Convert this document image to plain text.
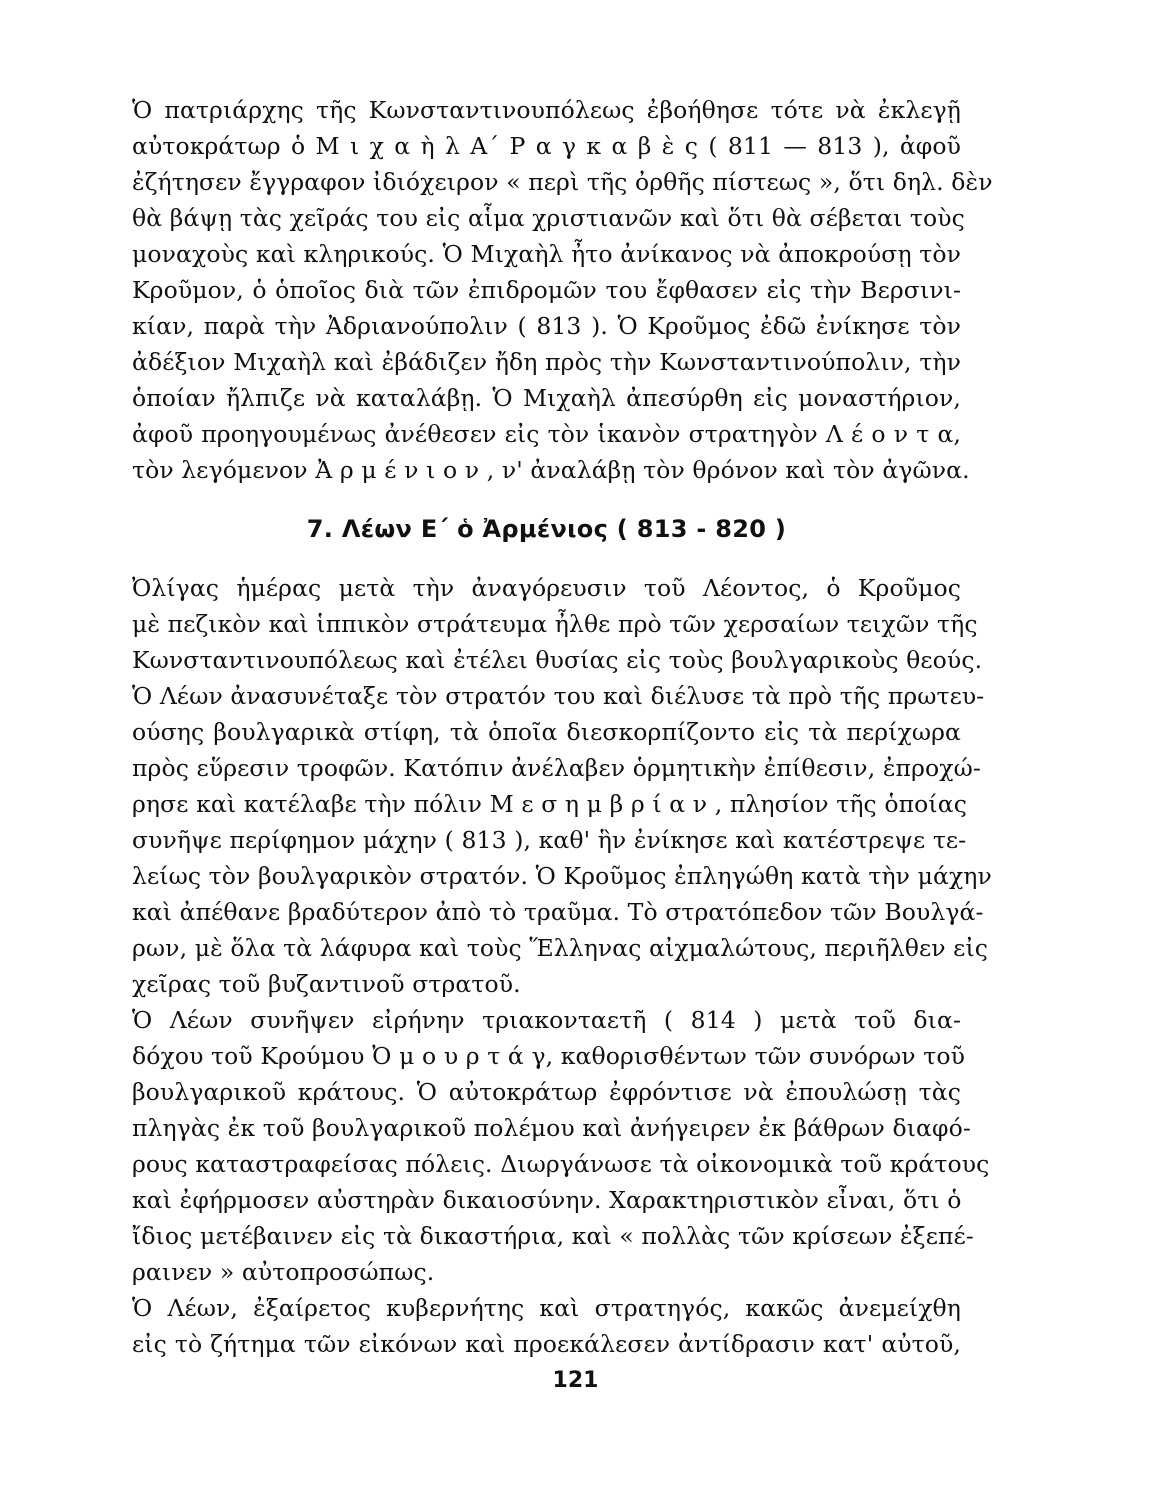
Ὁ πατριάρχης τῆς Κωνσταντινουπόλεως ἐβοήθησε τότε νὰ ἐκλεγῇ
αὐτοκράτωρ ὁ Μ ι χ α ὴ λ Α΄ Ρ α γ κ α β ὲ ς ( 811 — 813 ), ἀφοῦ
ἐζήτησεν ἔγγραφον ἰδιόχειρον « περὶ τῆς ὀρθῆς πίστεως », ὅτι δηλ. δὲν
θὰ βάψῃ τὰς χεῖράς του εἰς αἷμα χριστιανῶν καὶ ὅτι θὰ σέβεται τοὺς
μοναχοὺς καὶ κληρικούς. Ὁ Μιχαὴλ ἦτο ἀνίκανος νὰ ἀποκρούσῃ τὸν
Κροῦμον, ὁ ὁποῖος διὰ τῶν ἐπιδρομῶν του ἔφθασεν εἰς τὴν Βερσινι-
κίαν, παρὰ τὴν Ἀδριανούπολιν ( 813 ). Ὁ Κροῦμος ἐδῶ ἐνίκησε τὸν
ἀδέξιον Μιχαὴλ καὶ ἐβάδιζεν ἤδη πρὸς τὴν Κωνσταντινούπολιν, τὴν
ὁποίαν ἤλπιζε νὰ καταλάβῃ. Ὁ Μιχαὴλ ἀπεσύρθη εἰς μοναστήριον,
ἀφοῦ προηγουμένως ἀνέθεσεν εἰς τὸν ἱκανὸν στρατηγὸν Λ έ ο ν τ α,
τὸν λεγόμενον Ἀ ρ μ έ ν ι ο ν , ν' ἀναλάβῃ τὸν θρόνον καὶ τὸν ἀγῶνα.
7. Λέων Ε΄ ὁ Ἀρμένιος ( 813 - 820 )
Ὀλίγας ἡμέρας μετὰ τὴν ἀναγόρευσιν τοῦ Λέοντος, ὁ Κροῦμος
μὲ πεζικὸν καὶ ἱππικὸν στράτευμα ἦλθε πρὸ τῶν χερσαίων τειχῶν τῆς
Κωνσταντινουπόλεως καὶ ἐτέλει θυσίας εἰς τοὺς βουλγαρικοὺς θεούς.
Ὁ Λέων ἀνασυνέταξε τὸν στρατόν του καὶ διέλυσε τὰ πρὸ τῆς πρωτευ-
ούσης βουλγαρικὰ στίφη, τὰ ὁποῖα διεσκορπίζοντο εἰς τὰ περίχωρα
πρὸς εὕρεσιν τροφῶν. Κατόπιν ἀνέλαβεν ὁρμητικὴν ἐπίθεσιν, ἐπροχώ-
ρησε καὶ κατέλαβε τὴν πόλιν Μ ε σ η μ β ρ ί α ν , πλησίον τῆς ὁποίας
συνῆψε περίφημον μάχην ( 813 ), καθ' ἣν ἐνίκησε καὶ κατέστρεψε τε-
λείως τὸν βουλγαρικὸν στρατόν. Ὁ Κροῦμος ἐπληγώθη κατὰ τὴν μάχην
καὶ ἀπέθανε βραδύτερον ἀπὸ τὸ τραῦμα. Τὸ στρατόπεδον τῶν Βουλγά-
ρων, μὲ ὅλα τὰ λάφυρα καὶ τοὺς Ἕλληνας αἰχμαλώτους, περιῆλθεν εἰς
χεῖρας τοῦ βυζαντινοῦ στρατοῦ.
Ὁ Λέων συνῆψεν εἰρήνην τριακονταετῆ ( 814 ) μετὰ τοῦ δια-
δόχου τοῦ Κρούμου Ὀ μ ο υ ρ τ ά γ, καθορισθέντων τῶν συνόρων τοῦ
βουλγαρικοῦ κράτους. Ὁ αὐτοκράτωρ ἐφρόντισε νὰ ἐπουλώσῃ τὰς
πληγὰς ἐκ τοῦ βουλγαρικοῦ πολέμου καὶ ἀνήγειρεν ἐκ βάθρων διαφό-
ρους καταστραφείσας πόλεις. Διωργάνωσε τὰ οἰκονομικὰ τοῦ κράτους
καὶ ἐφήρμοσεν αὐστηρὰν δικαιοσύνην. Χαρακτηριστικὸν εἶναι, ὅτι ὁ
ἴδιος μετέβαινεν εἰς τὰ δικαστήρια, καὶ « πολλὰς τῶν κρίσεων ἐξεπέ-
ραινεν » αὐτοπροσώπως.
Ὁ Λέων, ἐξαίρετος κυβερνήτης καὶ στρατηγός, κακῶς ἀνεμείχθη
εἰς τὸ ζήτημα τῶν εἰκόνων καὶ προεκάλεσεν ἀντίδρασιν κατ' αὐτοῦ,
121
